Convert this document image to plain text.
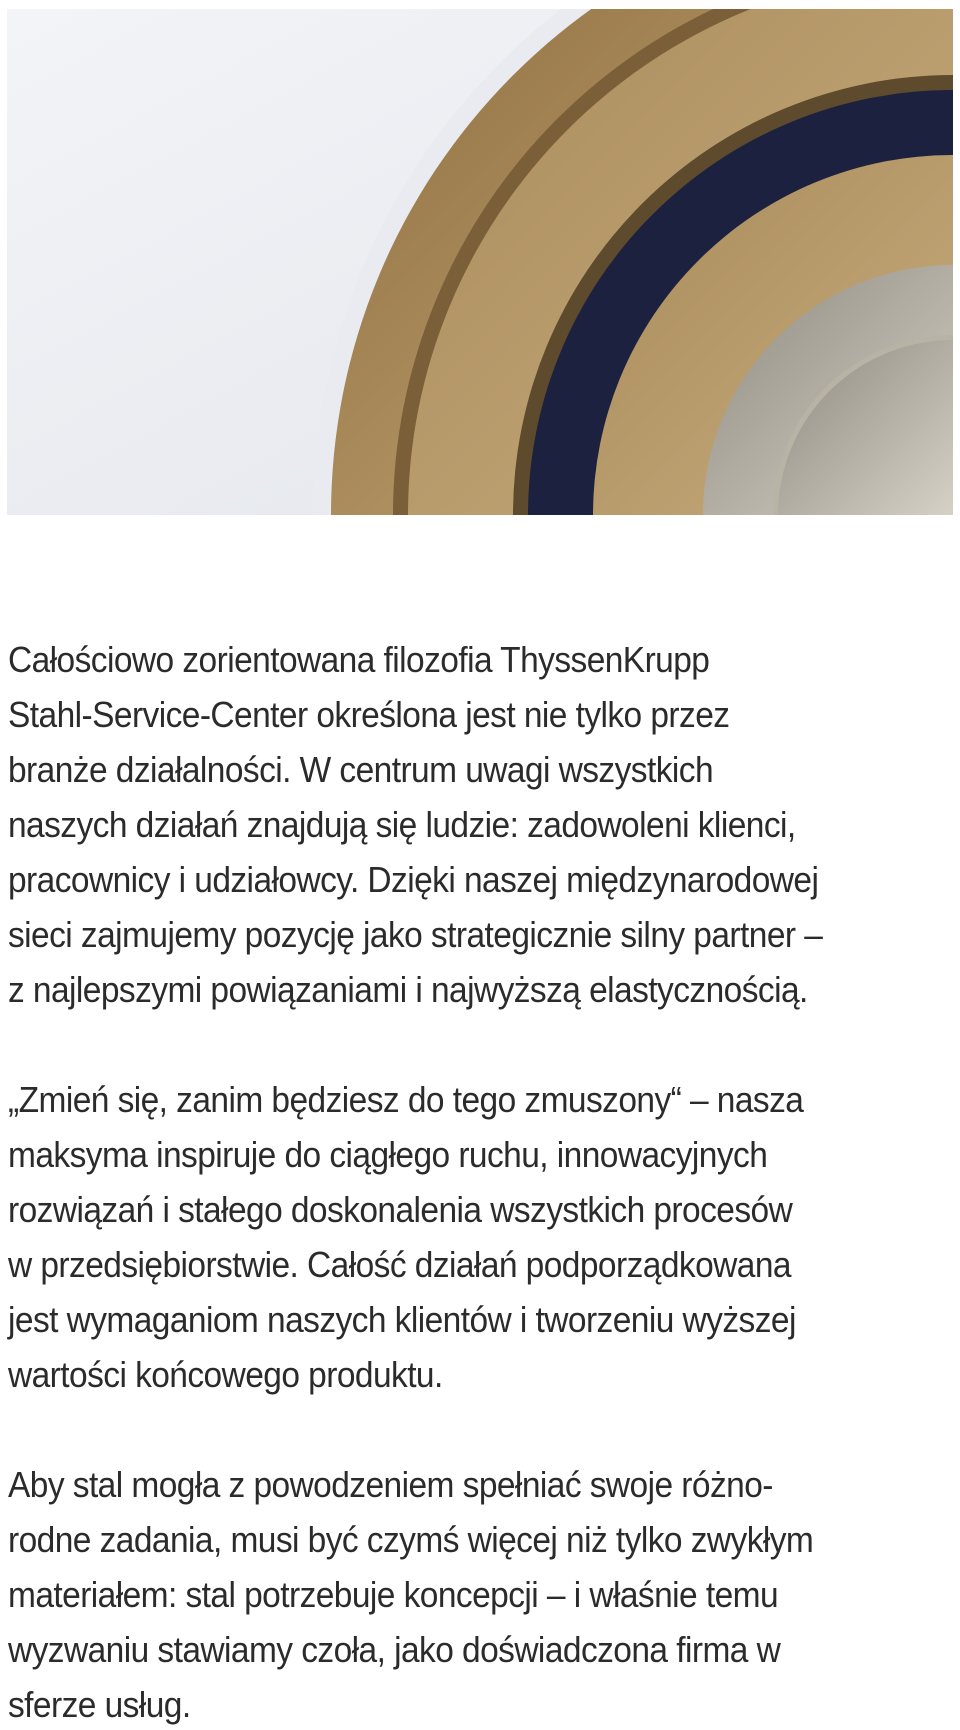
Całościowo zorientowana filozofia ThyssenKrupp
Stahl-Service-Center określona jest nie tylko przez
branże działalności. W centrum uwagi wszystkich
naszych działań znajdują się ludzie: zadowoleni klienci,
pracownicy i udziałowcy. Dzięki naszej międzynarodowej
sieci zajmujemy pozycję jako strategicznie silny partner –
z najlepszymi powiązaniami i najwyższą elastycznością.

„Zmień się, zanim będziesz do tego zmuszony“ – nasza
maksyma inspiruje do ciągłego ruchu, innowacyjnych
rozwiązań i stałego doskonalenia wszystkich procesów
w przedsiębiorstwie. Całość działań podporządkowana
jest wymaganiom naszych klientów i tworzeniu wyższej
wartości końcowego produktu.

Aby stal mogła z powodzeniem spełniać swoje różno-
rodne zadania, musi być czymś więcej niż tylko zwykłym
materiałem: stal potrzebuje koncepcji – i właśnie temu
wyzwaniu stawiamy czoła, jako doświadczona firma w
sferze usług.
